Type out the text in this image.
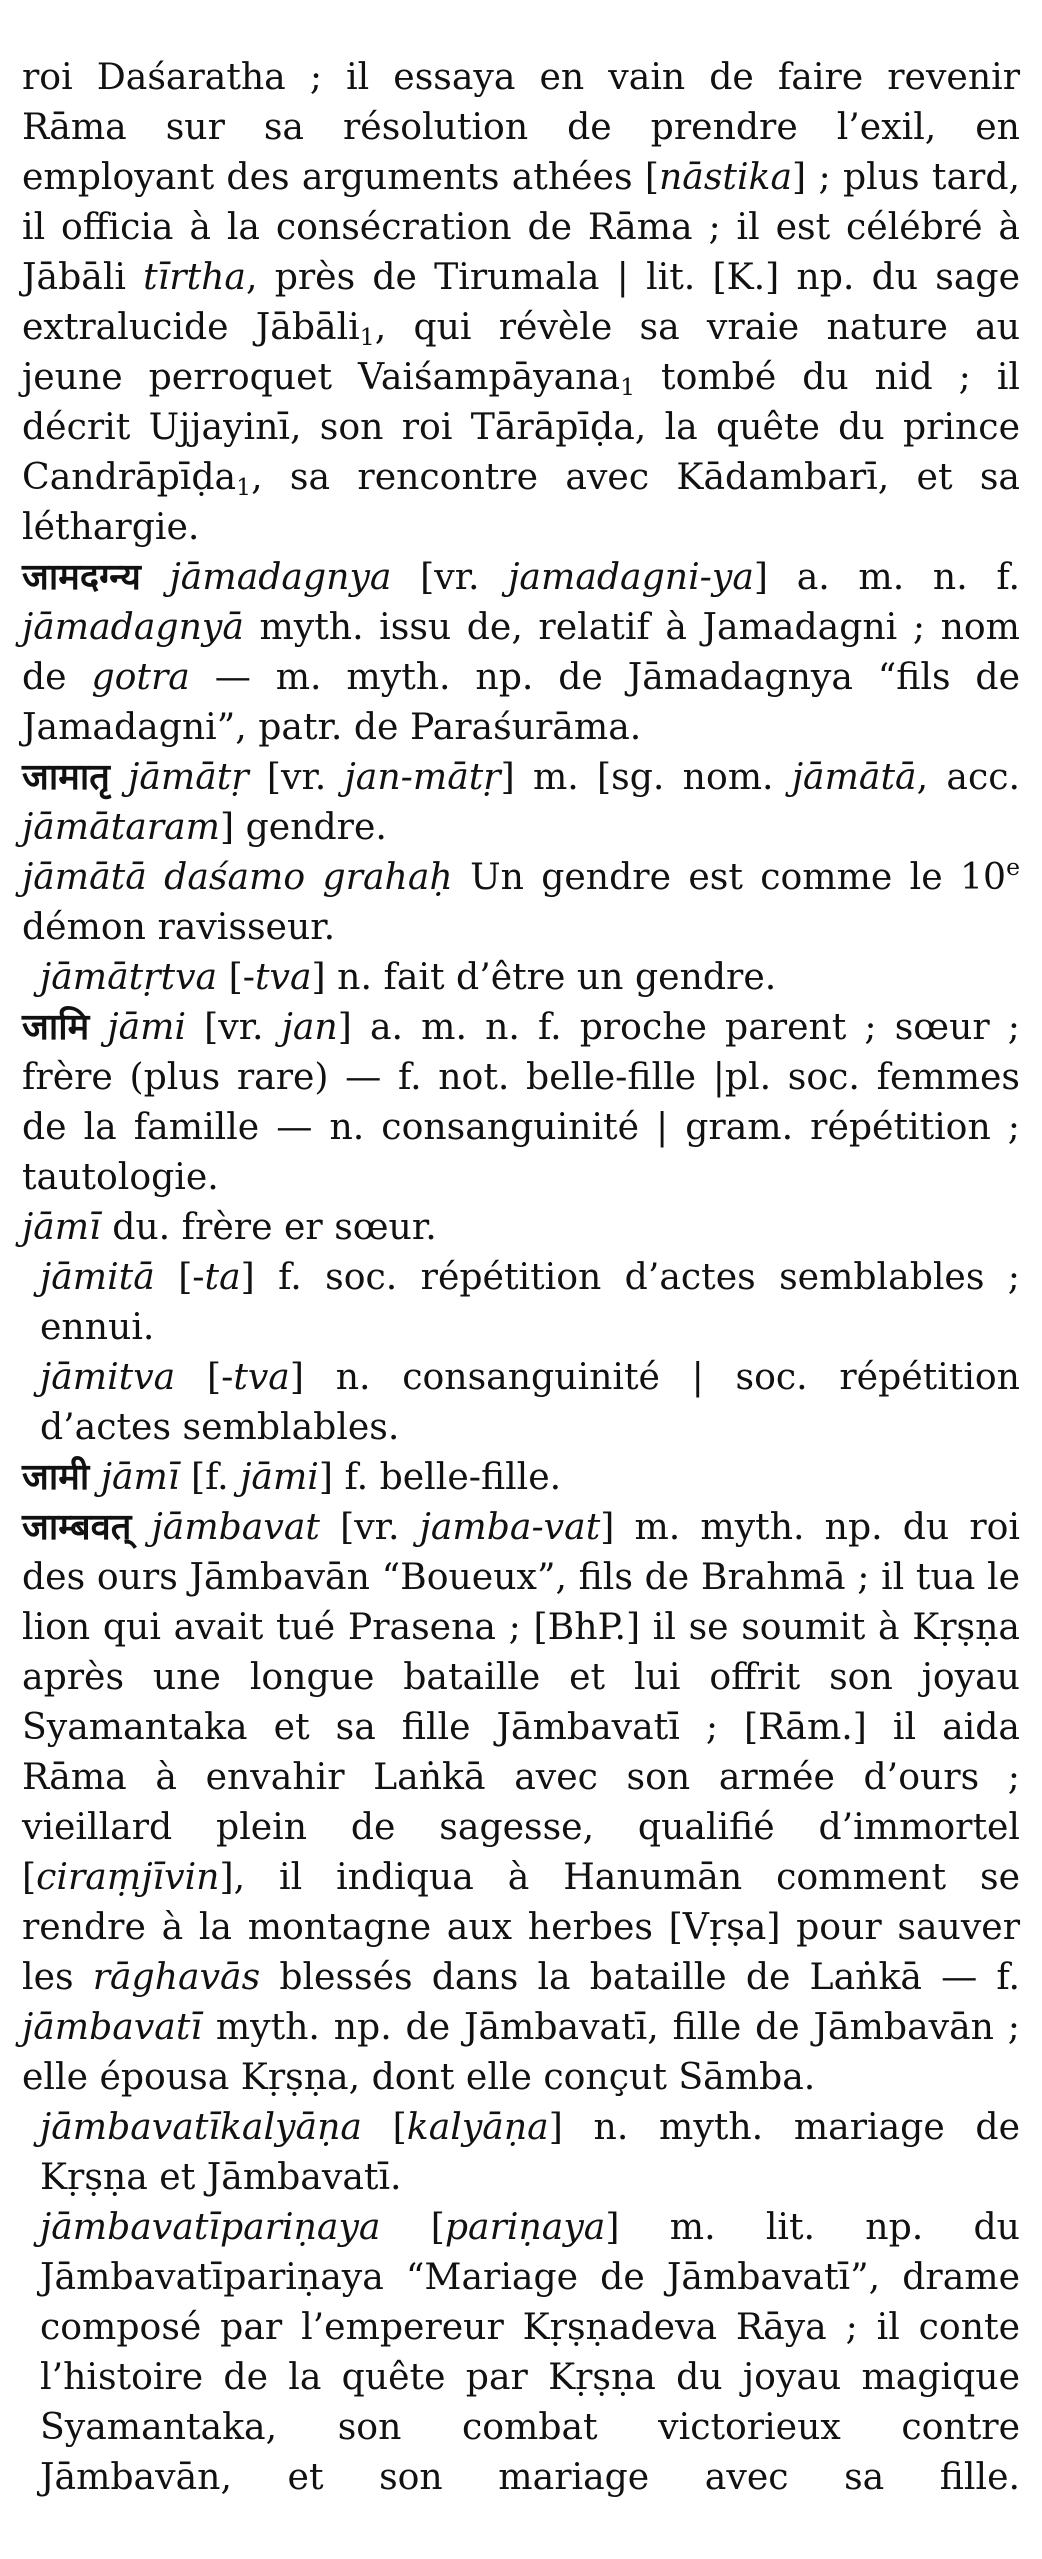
roi Daśaratha ; il essaya en vain de faire revenir Rāma sur sa résolution de prendre l’exil, en employant des arguments athées [nāstika] ; plus tard, il officia à la consécration de Rāma ; il est célébré à Jābāli tīrtha, près de Tirumala | lit. [K.] np. du sage extralucide Jābāli$_1$, qui révèle sa vraie nature au jeune perroquet Vaiśampāyana$_1$ tombé du nid ; il décrit Ujjayinī, son roi Tārāpīḍa, la quête du prince Candrāpīḍa$_1$, sa rencontre avec Kādambarī, et sa léthargie.

जामदग्न्य jāmadagnya [vr. jamadagni-ya] a. m. n. f. jāmadagnyā myth. issu de, relatif à Jamadagni ; nom de gotra — m. myth. np. de Jāmadagnya “fils de Jamadagni”, patr. de Paraśurāma.

जामातृ jāmātṛ [vr. jan-mātṛ] m. [sg. nom. jāmātā, acc. jāmātaram] gendre.

jāmātā daśamo grahaḥ Un gendre est comme le 10e démon ravisseur.

jāmātṛtva [-tva] n. fait d’être un gendre.

जामि jāmi [vr. jan] a. m. n. f. proche parent ; sœur ; frère (plus rare) — f. not. belle-fille |pl. soc. femmes de la famille — n. consanguinité | gram. répétition ; tautologie.

jāmī du. frère er sœur.

jāmitā [-ta] f. soc. répétition d’actes semblables ; ennui.

jāmitva [-tva] n. consanguinité | soc. répétition d’actes semblables.

जामी jāmī [f. jāmi] f. belle-fille.

जाम्बवत् jāmbavat [vr. jamba-vat] m. myth. np. du roi des ours Jāmbavān “Boueux”, fils de Brahmā ; il tua le lion qui avait tué Prasena ; [BhP.] il se soumit à Kṛṣṇa après une longue bataille et lui offrit son joyau Syamantaka et sa fille Jāmbavatī ; [Rām.] il aida Rāma à envahir Laṅkā avec son armée d’ours ; vieillard plein de sagesse, qualifié d’immortel [ciraṃjīvin], il indiqua à Hanumān comment se rendre à la montagne aux herbes [Vṛṣa] pour sauver les rāghavās blessés dans la bataille de Laṅkā — f. jāmbavatī myth. np. de Jāmbavatī, fille de Jāmbavān ; elle épousa Kṛṣṇa, dont elle conçut Sāmba.

jāmbavatīkalyāṇa [kalyāṇa] n. myth. mariage de Kṛṣṇa et Jāmbavatī.

jāmbavatīpariṇaya [pariṇaya] m. lit. np. du Jāmbavatīpariṇaya “Mariage de Jāmbavatī”, drame composé par l’empereur Kṛṣṇadeva Rāya ; il conte l’histoire de la quête par Kṛṣṇa du joyau magique Syamantaka, son combat victorieux contre Jāmbavān, et son mariage avec sa fille.
